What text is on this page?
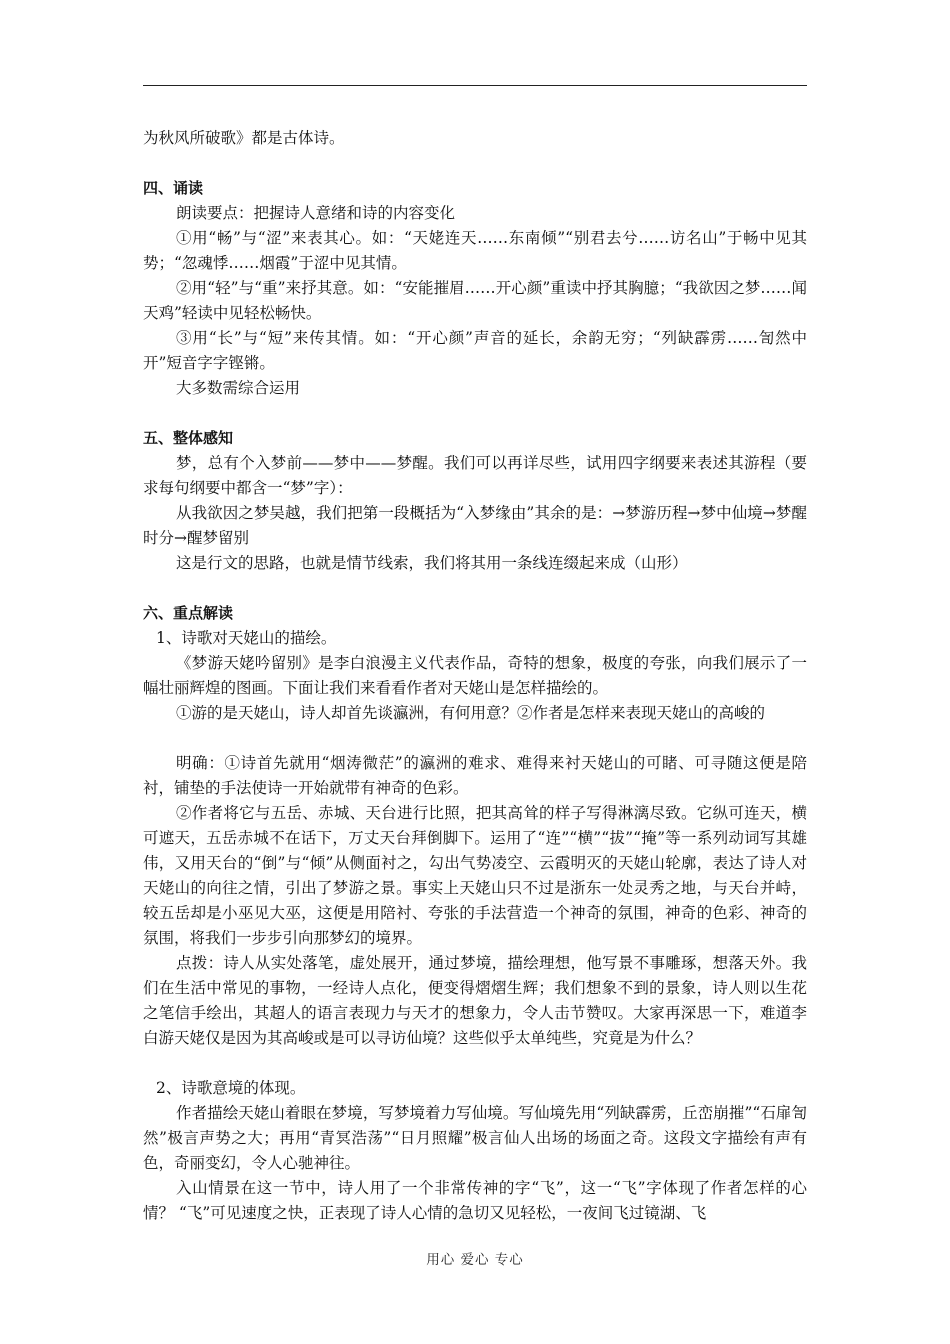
为秋风所破歌》都是古体诗。

四、诵读

朗读要点：把握诗人意绪和诗的内容变化

①用“畅”与“涩”来表其心。如：“天姥连天……东南倾”“别君去兮……访名山”于畅中见其势；“忽魂悸……烟霞”于涩中见其情。

②用“轻”与“重”来抒其意。如：“安能摧眉……开心颜”重读中抒其胸臆；“我欲因之梦……闻天鸡”轻读中见轻松畅快。

③用“长”与“短”来传其情。如：“开心颜”声音的延长，余韵无穷；“列缺霹雳……訇然中开”短音字字铿锵。

大多数需综合运用

五、整体感知

梦，总有个入梦前——梦中——梦醒。我们可以再详尽些，试用四字纲要来表述其游程（要求每句纲要中都含一“梦”字）：

从我欲因之梦吴越，我们把第一段概括为“入梦缘由”其余的是：→梦游历程→梦中仙境→梦醒时分→醒梦留别

这是行文的思路，也就是情节线索，我们将其用一条线连缀起来成（山形）

六、重点解读

1、诗歌对天姥山的描绘。

《梦游天姥吟留别》是李白浪漫主义代表作品，奇特的想象，极度的夸张，向我们展示了一幅壮丽辉煌的图画。下面让我们来看看作者对天姥山是怎样描绘的。

①游的是天姥山，诗人却首先谈瀛洲，有何用意？②作者是怎样来表现天姥山的高峻的

明确：①诗首先就用“烟涛微茫”的瀛洲的难求、难得来衬天姥山的可睹、可寻随这便是陪衬，铺垫的手法使诗一开始就带有神奇的色彩。

②作者将它与五岳、赤城、天台进行比照，把其高耸的样子写得淋漓尽致。它纵可连天，横可遮天，五岳赤城不在话下，万丈天台拜倒脚下。运用了“连”“横”“拔”“掩”等一系列动词写其雄伟，又用天台的“倒”与“倾”从侧面衬之，勾出气势凌空、云霞明灭的天姥山轮廓，表达了诗人对天姥山的向往之情，引出了梦游之景。事实上天姥山只不过是浙东一处灵秀之地，与天台并峙，较五岳却是小巫见大巫，这便是用陪衬、夸张的手法营造一个神奇的氛围，神奇的色彩、神奇的氛围，将我们一步步引向那梦幻的境界。

点拨：诗人从实处落笔，虚处展开，通过梦境，描绘理想，他写景不事雕琢，想落天外。我们在生活中常见的事物，一经诗人点化，便变得熠熠生辉；我们想象不到的景象，诗人则以生花之笔信手绘出，其超人的语言表现力与天才的想象力，令人击节赞叹。大家再深思一下，难道李白游天姥仅是因为其高峻或是可以寻访仙境？这些似乎太单纯些，究竟是为什么？

2、诗歌意境的体现。

作者描绘天姥山着眼在梦境，写梦境着力写仙境。写仙境先用“列缺霹雳，丘峦崩摧”“石扉訇然”极言声势之大；再用“青冥浩荡”“日月照耀”极言仙人出场的场面之奇。这段文字描绘有声有色，奇丽变幻，令人心驰神往。

入山情景在这一节中，诗人用了一个非常传神的字“飞”，这一“飞”字体现了作者怎样的心情？ “飞”可见速度之快，正表现了诗人心情的急切又见轻松，一夜间飞过镜湖、飞

用心 爱心 专心
